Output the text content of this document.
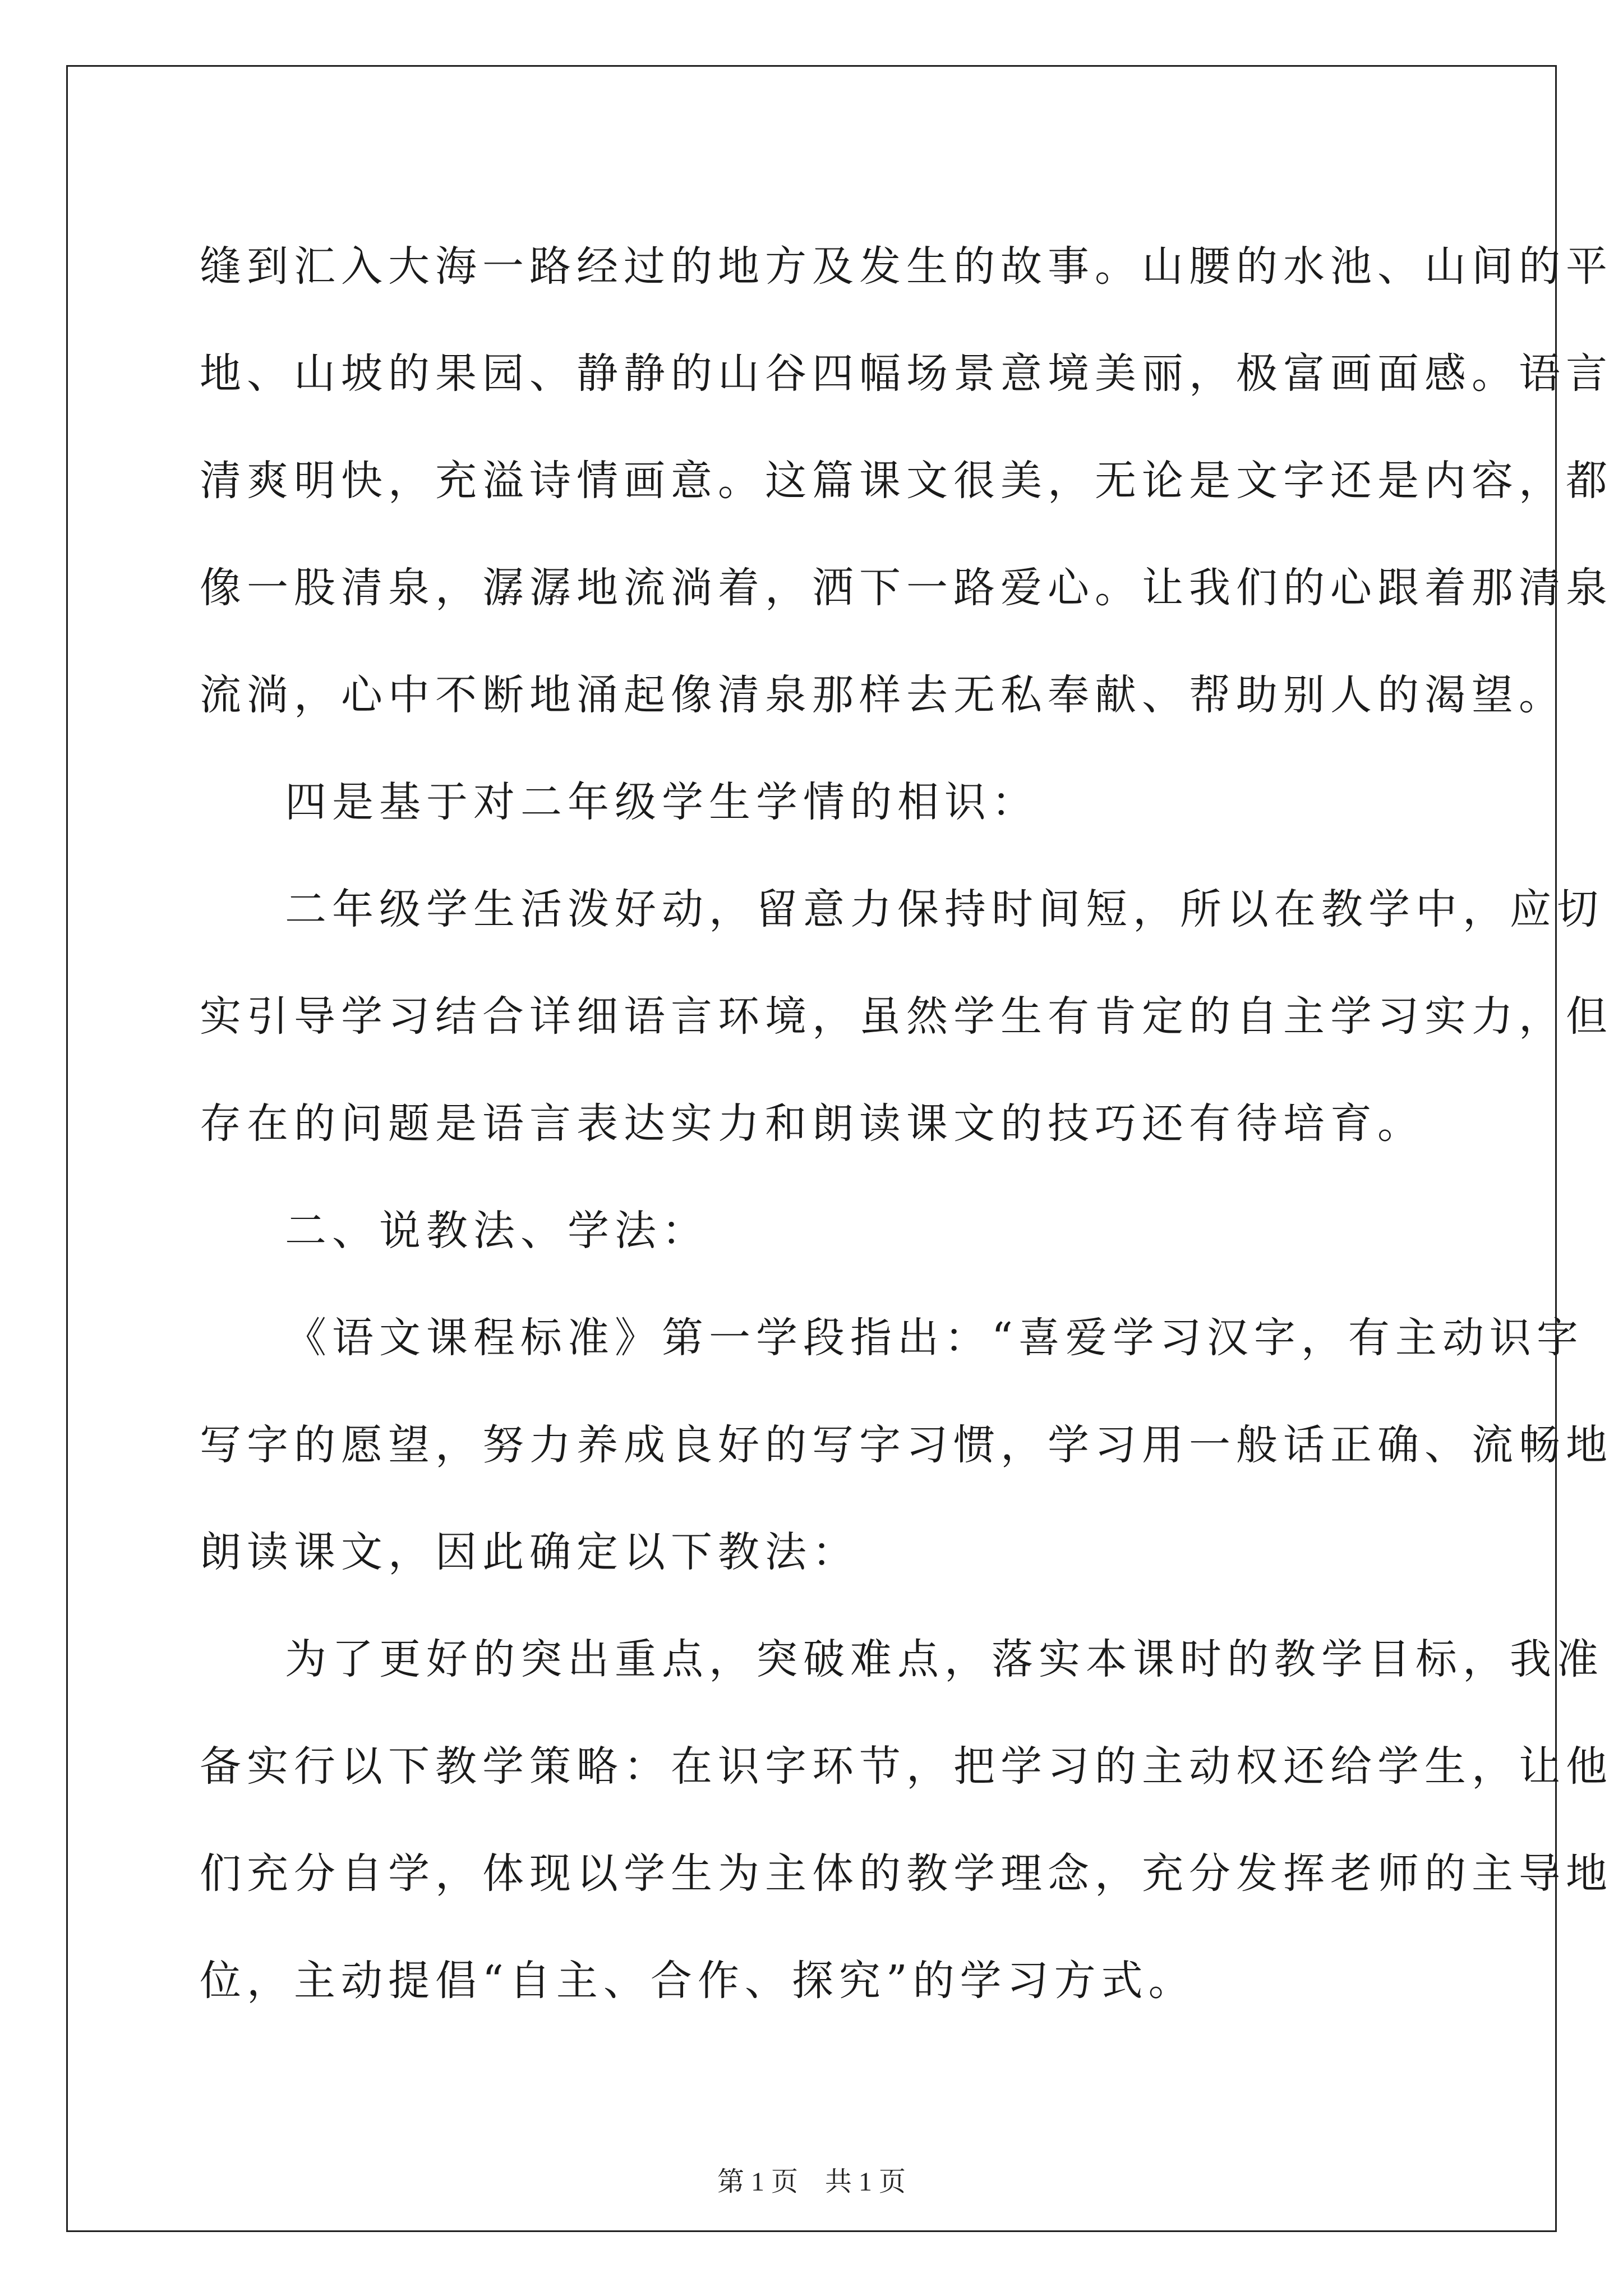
缝到汇入大海一路经过的地方及发生的故事。山腰的水池、山间的平
地、山坡的果园、静静的山谷四幅场景意境美丽，极富画面感。语言
清爽明快，充溢诗情画意。这篇课文很美，无论是文字还是内容，都
像一股清泉，潺潺地流淌着，洒下一路爱心。让我们的心跟着那清泉
流淌，心中不断地涌起像清泉那样去无私奉献、帮助别人的渴望。

四是基于对二年级学生学情的相识：

二年级学生活泼好动，留意力保持时间短，所以在教学中，应切
实引导学习结合详细语言环境，虽然学生有肯定的自主学习实力，但
存在的问题是语言表达实力和朗读课文的技巧还有待培育。

二、说教法、学法：

《语文课程标准》第一学段指出：“喜爱学习汉字，有主动识字
写字的愿望，努力养成良好的写字习惯，学习用一般话正确、流畅地
朗读课文，因此确定以下教法：

为了更好的突出重点，突破难点，落实本课时的教学目标，我准
备实行以下教学策略：在识字环节，把学习的主动权还给学生，让他
们充分自学，体现以学生为主体的教学理念，充分发挥老师的主导地
位，主动提倡“自主、合作、探究”的学习方式。

第 1 页　共 1 页
